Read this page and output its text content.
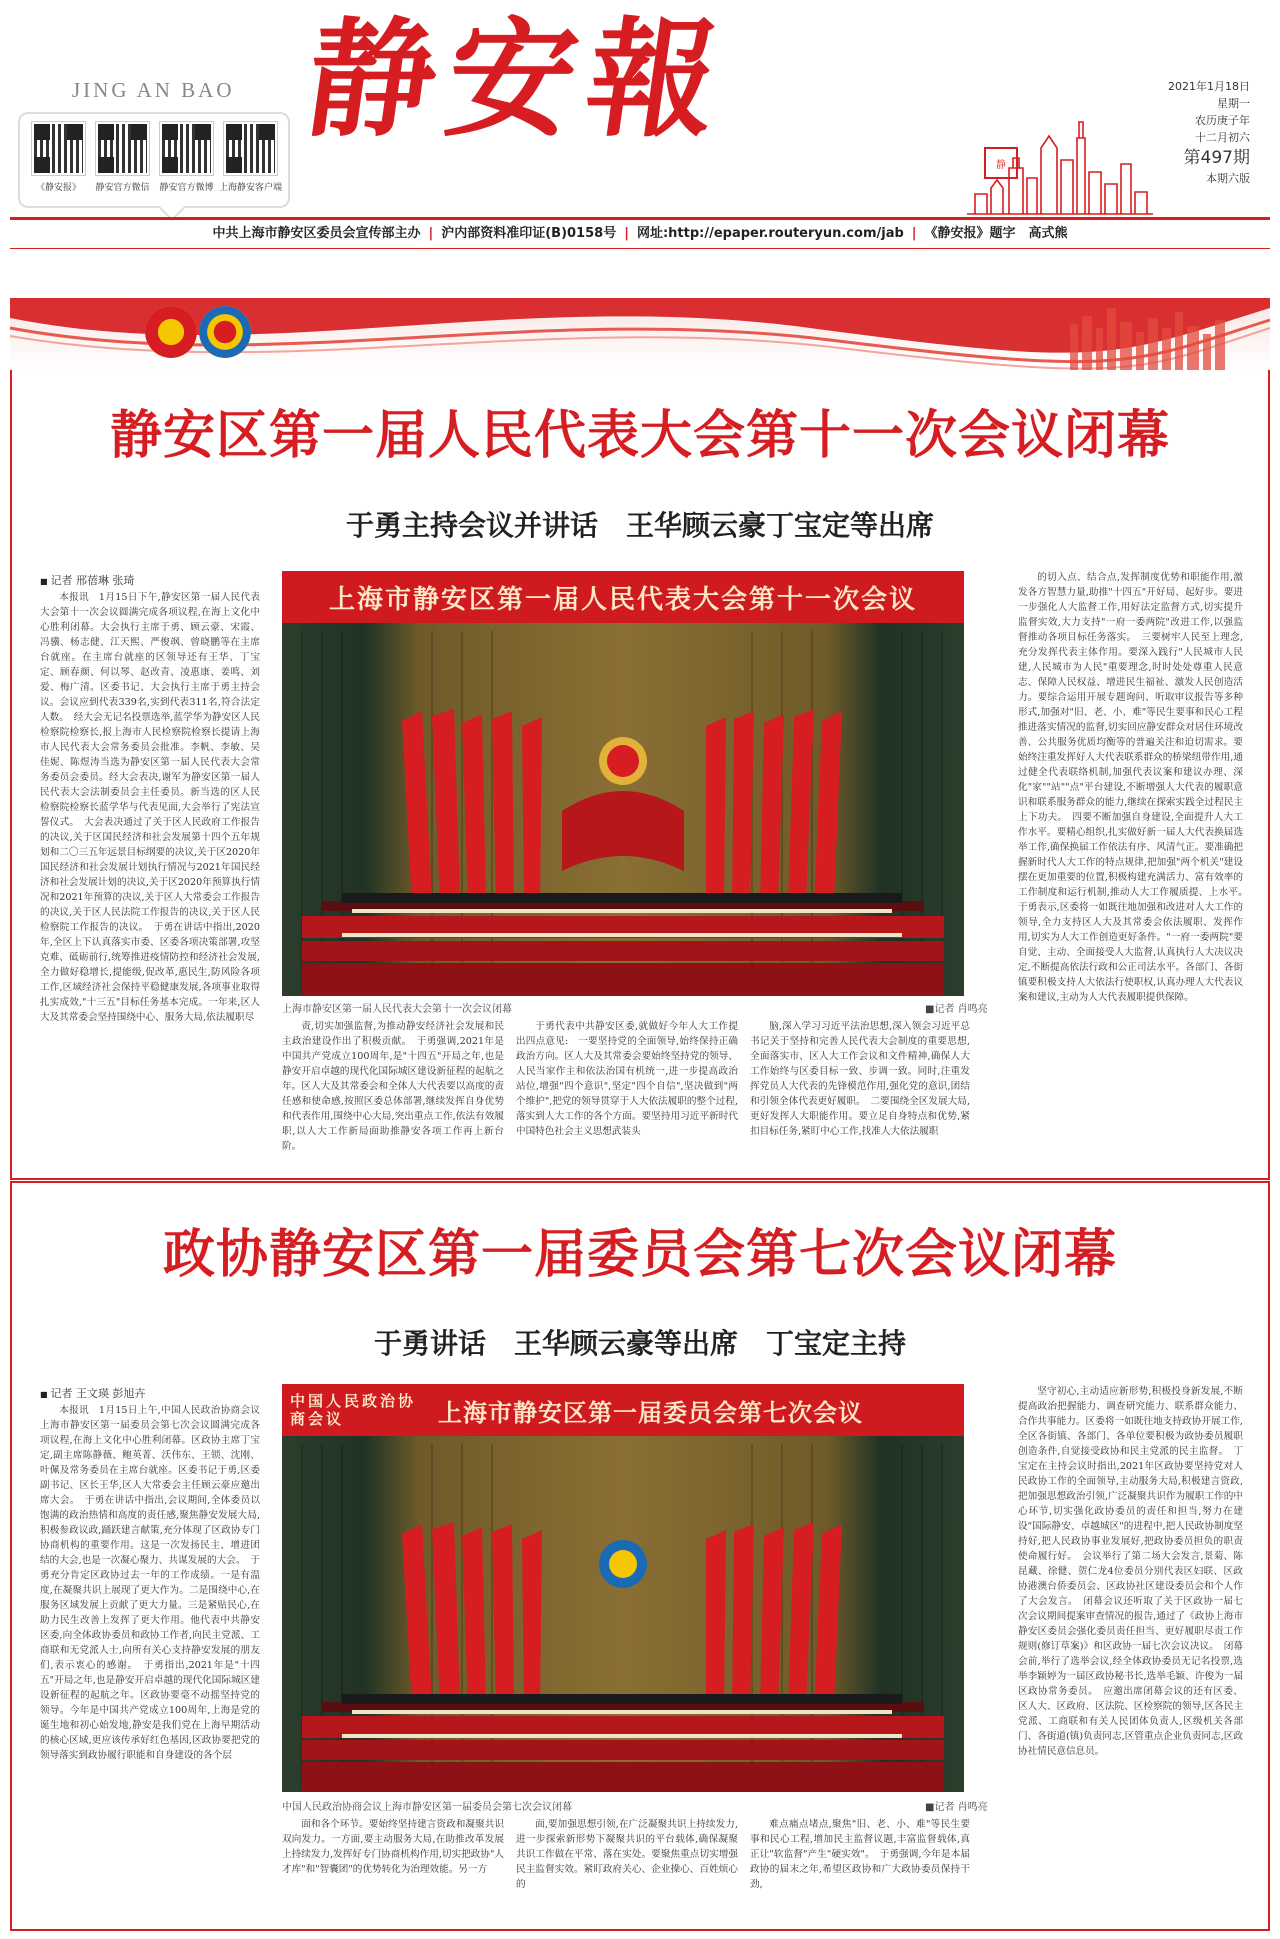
JING AN BAO
《静安报》 静安官方微信 静安官方微博 上海静安客户端
静安報
静
2021年1月18日
星期一
农历庚子年
十二月初六
第497期
本期六版
中共上海市静安区委员会宣传部主办 | 沪内部资料准印证(B)0158号 | 网址:http://epaper.routeryun.com/jab | 《静安报》题字　高式熊
静安区第一届人民代表大会第十一次会议闭幕
于勇主持会议并讲话　王华顾云豪丁宝定等出席
■ 记者 邢蓓琳 张琦

本报讯　1月15日下午,静安区第一届人民代表大会第十一次会议圆满完成各项议程,在海上文化中心胜利闭幕。大会执行主席于勇、顾云豪、宋霞、冯骥、杨志健、江天熙、严俊飒、曾晓鹏等在主席台就座。在主席台就座的区领导还有王华、丁宝定、顾春颜、何以琴、赵改青、凌惠康、姜鸣、刘爱、梅广清。区委书记、大会执行主席于勇主持会议。会议应到代表339名,实到代表311名,符合法定人数。　经大会无记名投票选举,蓝学华为静安区人民检察院检察长,报上海市人民检察院检察长提请上海市人民代表大会常务委员会批准。李帆、李敏、吴佳妮、陈煜涛当选为静安区第一届人民代表大会常务委员会委员。经大会表决,谢军为静安区第一届人民代表大会法制委员会主任委员。新当选的区人民检察院检察长蓝学华与代表见面,大会举行了宪法宣誓仪式。　大会表决通过了关于区人民政府工作报告的决议,关于区国民经济和社会发展第十四个五年规划和二〇三五年远景目标纲要的决议,关于区2020年国民经济和社会发展计划执行情况与2021年国民经济和社会发展计划的决议,关于区2020年预算执行情况和2021年预算的决议,关于区人大常委会工作报告的决议,关于区人民法院工作报告的决议,关于区人民检察院工作报告的决议。　于勇在讲话中指出,2020年,全区上下认真落实市委、区委各项决策部署,攻坚克难、砥砺前行,统筹推进疫情防控和经济社会发展,全力做好稳增长,提能级,促改革,惠民生,防风险各项工作,区域经济社会保持平稳健康发展,各项事业取得扎实成效,"十三五"目标任务基本完成。一年来,区人大及其常委会坚持围绕中心、服务大局,依法履职尽

上海市静安区第一届人民代表大会第十一次会议
上海市静安区第一届人民代表大会第十一次会议闭幕	■记者 肖鸣亮

责,切实加强监督,为推动静安经济社会发展和民主政治建设作出了积极贡献。　于勇强调,2021年是中国共产党成立100周年,是"十四五"开局之年,也是静安开启卓越的现代化国际城区建设新征程的起航之年。区人大及其常委会和全体人大代表要以高度的责任感和使命感,按照区委总体部署,继续发挥自身优势和代表作用,围绕中心大局,突出重点工作,依法有效履职,以人大工作新局面助推静安各项工作再上新台阶。

于勇代表中共静安区委,就做好今年人大工作提出四点意见:　一要坚持党的全面领导,始终保持正确政治方向。区人大及其常委会要始终坚持党的领导、人民当家作主和依法治国有机统一,进一步提高政治站位,增强"四个意识",坚定"四个自信",坚决做到"两个维护",把党的领导贯穿于人大依法履职的整个过程,落实到人大工作的各个方面。要坚持用习近平新时代中国特色社会主义思想武装头

脑,深入学习习近平法治思想,深入领会习近平总书记关于坚持和完善人民代表大会制度的重要思想,全面落实市、区人大工作会议和文件精神,确保人大工作始终与区委目标一致、步调一致。同时,注重发挥党员人大代表的先锋模范作用,强化党的意识,团结和引领全体代表更好履职。　二要围绕全区发展大局,更好发挥人大职能作用。要立足自身特点和优势,紧扣目标任务,紧盯中心工作,找准人大依法履职

的切入点、结合点,发挥制度优势和职能作用,激发各方智慧力量,助推"十四五"开好局、起好步。要进一步强化人大监督工作,用好法定监督方式,切实提升监督实效,大力支持"一府一委两院"改进工作,以强监督推动各项目标任务落实。　三要树牢人民至上理念,充分发挥代表主体作用。要深入践行"人民城市人民建,人民城市为人民"重要理念,时时处处尊重人民意志、保障人民权益、增进民生福祉、激发人民创造活力。要综合运用开展专题询问、听取审议报告等多种形式,加强对"旧、老、小、难"等民生要事和民心工程推进落实情况的监督,切实回应静安群众对居住环境改善、公共服务优质均衡等的普遍关注和迫切需求。要始终注重发挥好人大代表联系群众的桥梁纽带作用,通过健全代表联络机制,加强代表议案和建议办理、深化"家""站""点"平台建设,不断增强人大代表的履职意识和联系服务群众的能力,继续在探索实践全过程民主上下功夫。　四要不断加强自身建设,全面提升人大工作水平。要精心组织,扎实做好新一届人大代表换届选举工作,确保换届工作依法有序、风清气正。要准确把握新时代人大工作的特点规律,把加强"两个机关"建设摆在更加重要的位置,积极构建充满活力、富有效率的工作制度和运行机制,推动人大工作履质提、上水平。　于勇表示,区委将一如既往地加强和改进对人大工作的领导,全力支持区人大及其常委会依法履职、发挥作用,切实为人大工作创造更好条件。"一府一委两院"要自觉、主动、全面接受人大监督,认真执行人大决议决定,不断提高依法行政和公正司法水平。各部门、各街镇要积极支持人大依法行使职权,认真办理人大代表议案和建议,主动为人大代表履职提供保障。

政协静安区第一届委员会第七次会议闭幕
于勇讲话　王华顾云豪等出席　丁宝定主持
■ 记者 王文瑛 彭旭卉

本报讯　1月15日上午,中国人民政治协商会议上海市静安区第一届委员会第七次会议圆满完成各项议程,在海上文化中心胜利闭幕。区政协主席丁宝定,副主席陈静薇、鲍英菁、沃伟东、王锁、沈刚、叶佩及常务委员在主席台就座。区委书记于勇,区委副书记、区长王华,区人大常委会主任顾云豪应邀出席大会。　于勇在讲话中指出,会议期间,全体委员以饱满的政治热情和高度的责任感,聚焦静安发展大局,积极参政议政,踊跃建言献策,充分体现了区政协专门协商机构的重要作用。这是一次发扬民主、增进团结的大会,也是一次凝心聚力、共谋发展的大会。　于勇充分肯定区政协过去一年的工作成绩。一是有温度,在凝聚共识上展现了更大作为。二是围绕中心,在服务区域发展上贡献了更大力量。三是紧贴民心,在助力民生改善上发挥了更大作用。他代表中共静安区委,向全体政协委员和政协工作者,向民主党派、工商联和无党派人士,向所有关心支持静安发展的朋友们,表示衷心的感谢。　于勇指出,2021年是"十四五"开局之年,也是静安开启卓越的现代化国际城区建设新征程的起航之年。区政协要毫不动摇坚持党的领导。今年是中国共产党成立100周年,上海是党的诞生地和初心始发地,静安是我们党在上海早期活动的核心区域,更应该传承好红色基因,区政协要把党的领导落实到政协履行职能和自身建设的各个层

中国人民政治协商会议	上海市静安区第一届委员会第七次会议
中国人民政治协商会议上海市静安区第一届委员会第七次会议闭幕	■记者 肖鸣亮

面和各个环节。要始终坚持建言资政和凝聚共识双向发力。一方面,要主动服务大局,在助推改革发展上持续发力,发挥好专门协商机构作用,切实把政协"人才库"和"智囊团"的优势转化为治理效能。另一方

面,要加强思想引领,在广泛凝聚共识上持续发力,进一步探索新形势下凝聚共识的平台载体,确保凝聚共识工作做在平常、落在实处。要聚焦重点切实增强民主监督实效。紧盯政府关心、企业操心、百姓烦心的

难点痛点堵点,聚焦"旧、老、小、难"等民生要事和民心工程,增加民主监督议题,丰富监督载体,真正让"软监督"产生"硬实效"。　于勇强调,今年是本届政协的届末之年,希望区政协和广大政协委员保持干劲,

坚守初心,主动适应新形势,积极投身新发展,不断提高政治把握能力、调查研究能力、联系群众能力、合作共事能力。区委将一如既往地支持政协开展工作,全区各街镇、各部门、各单位要积极为政协委员履职创造条件,自觉接受政协和民主党派的民主监督。　丁宝定在主持会议时指出,2021年区政协要坚持党对人民政协工作的全面领导,主动服务大局,积极建言资政,把加强思想政治引领,广泛凝聚共识作为履职工作的中心环节,切实强化政协委员的责任和担当,努力在建设"国际静安、卓越城区"的进程中,把人民政协制度坚持好,把人民政协事业发展好,把政协委员担负的职责使命履行好。　会议举行了第二场大会发言,景菊、陈昆藏、徐健、贺仁龙4位委员分别代表区妇联、区政协港澳台侨委员会、区政协社区建设委员会和个人作了大会发言。　闭幕会议还听取了关于区政协一届七次会议期间提案审查情况的报告,通过了《政协上海市静安区委员会强化委员责任担当、更好履职尽责工作规则(修订草案)》和区政协一届七次会议决议。　闭幕会前,举行了选举会议,经全体政协委员无记名投票,选举李颖婷为一届区政协秘书长,选举毛颖、许俊为一届区政协常务委员。　应邀出席闭幕会议的还有区委、区人大、区政府、区法院、区检察院的领导,区各民主党派、工商联和有关人民团体负责人,区级机关各部门、各街道(镇)负责同志,区管重点企业负责同志,区政协社情民意信息员。
